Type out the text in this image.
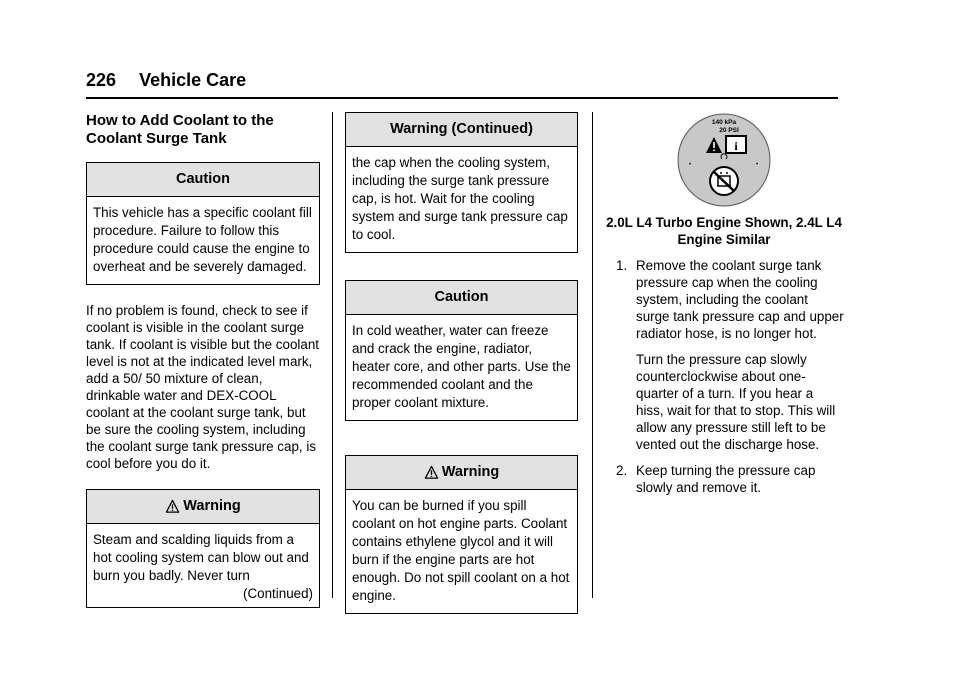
226 Vehicle Care
How to Add Coolant to the Coolant Surge Tank
Caution
This vehicle has a specific coolant fill procedure. Failure to follow this procedure could cause the engine to overheat and be severely damaged.

If no problem is found, check to see if coolant is visible in the coolant surge tank. If coolant is visible but the coolant level is not at the indicated level mark, add a 50/ 50 mixture of clean, drinkable water and DEX-COOL coolant at the coolant surge tank, but be sure the cooling system, including the coolant surge tank pressure cap, is cool before you do it.

Warning
Steam and scalding liquids from a hot cooling system can blow out and burn you badly. Never turn
(Continued)
Warning (Continued)
the cap when the cooling system, including the surge tank pressure cap, is hot. Wait for the cooling system and surge tank pressure cap to cool.
Caution
In cold weather, water can freeze and crack the engine, radiator, heater core, and other parts. Use the recommended coolant and the proper coolant mixture.
Warning
You can be burned if you spill coolant on hot engine parts. Coolant contains ethylene glycol and it will burn if the engine parts are hot enough. Do not spill coolant on a hot engine.
140 kPa
20 PSI
i
•	•
2.0L L4 Turbo Engine Shown, 2.4L L4 Engine Similar
1. Remove the coolant surge tank pressure cap when the cooling system, including the coolant surge tank pressure cap and upper radiator hose, is no longer hot.

Turn the pressure cap slowly counterclockwise about one-quarter of a turn. If you hear a hiss, wait for that to stop. This will allow any pressure still left to be vented out the discharge hose.

2. Keep turning the pressure cap slowly and remove it.
